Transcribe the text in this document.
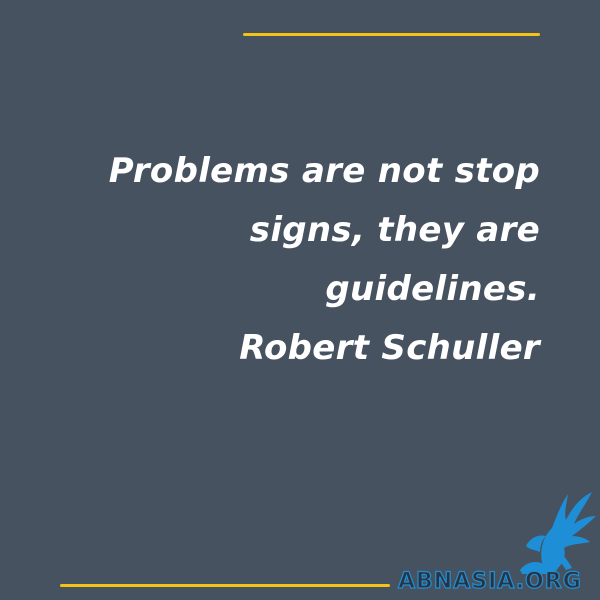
Problems are not stop
signs, they are
guidelines.
Robert Schuller
ABNASIA.ORG
